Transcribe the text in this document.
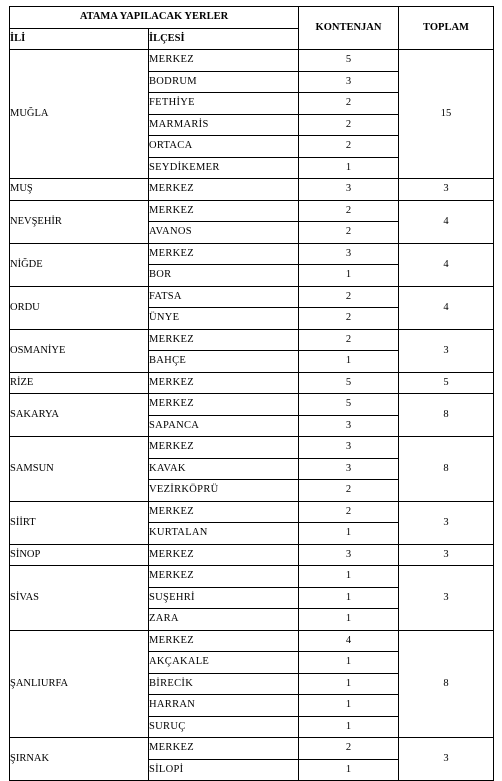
ATAMA YAPILACAK YERLER		KONTENJAN	TOPLAM
İLİ	İLÇESİ		
MUĞLA	MERKEZ	5	15
	BODRUM	3	
	FETHİYE	2	
	MARMARİS	2	
	ORTACA	2	
	SEYDİKEMER	1	
MUŞ	MERKEZ	3	3
NEVŞEHİR	MERKEZ	2	4
	AVANOS	2	
NİĞDE	MERKEZ	3	4
	BOR	1	
ORDU	FATSA	2	4
	ÜNYE	2	
OSMANİYE	MERKEZ	2	3
	BAHÇE	1	
RİZE	MERKEZ	5	5
SAKARYA	MERKEZ	5	8
	SAPANCA	3	
SAMSUN	MERKEZ	3	8
	KAVAK	3	
	VEZİRKÖPRÜ	2	
SİİRT	MERKEZ	2	3
	KURTALAN	1	
SİNOP	MERKEZ	3	3
SİVAS	MERKEZ	1	3
	SUŞEHRİ	1	
	ZARA	1	
ŞANLIURFA	MERKEZ	4	8
	AKÇAKALE	1	
	BİRECİK	1	
	HARRAN	1	
	SURUÇ	1	
ŞIRNAK	MERKEZ	2	3
	SİLOPİ	1	
